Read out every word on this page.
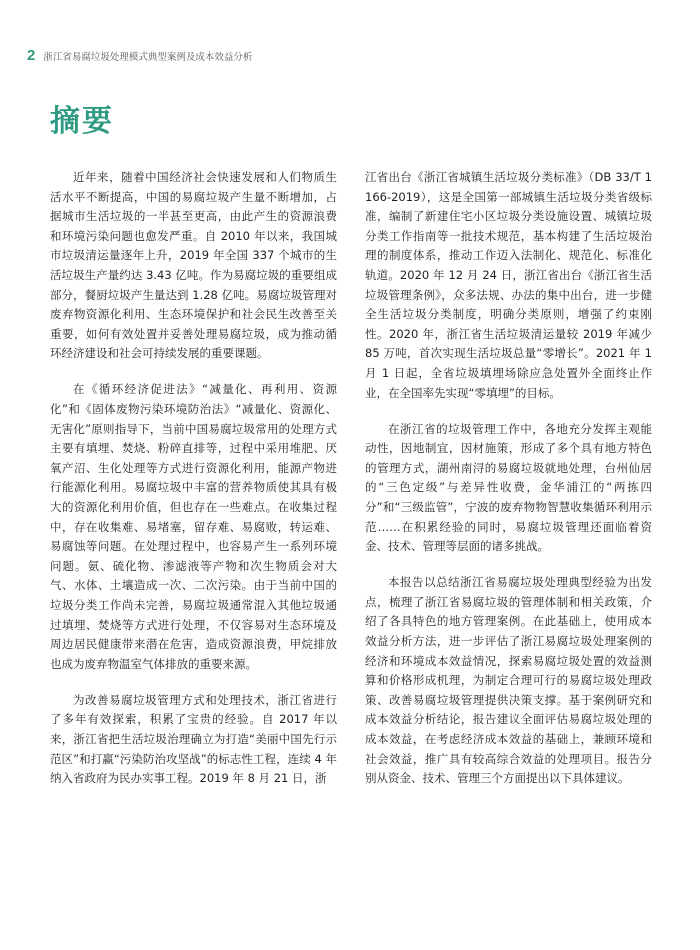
2 浙江省易腐垃圾处理模式典型案例及成本效益分析
摘要

近年来，随着中国经济社会快速发展和人们物质生活水平不断提高，中国的易腐垃圾产生量不断增加，占据城市生活垃圾的一半甚至更高，由此产生的资源浪费和环境污染问题也愈发严重。自 2010 年以来，我国城市垃圾清运量逐年上升，2019 年全国 337 个城市的生活垃圾生产量约达 3.43 亿吨。作为易腐垃圾的重要组成部分，餐厨垃圾产生量达到 1.28 亿吨。易腐垃圾管理对废弃物资源化利用、生态环境保护和社会民生改善至关重要，如何有效处置并妥善处理易腐垃圾，成为推动循环经济建设和社会可持续发展的重要课题。

在《循环经济促进法》“减量化、再利用、资源化”和《固体废物污染环境防治法》“减量化、资源化、无害化”原则指导下，当前中国易腐垃圾常用的处理方式主要有填埋、焚烧、粉碎直排等，过程中采用堆肥、厌氧产沼、生化处理等方式进行资源化利用，能源产物进行能源化利用。易腐垃圾中丰富的营养物质使其具有极大的资源化利用价值，但也存在一些难点。在收集过程中，存在收集难、易堵塞，留存难、易腐败，转运难、易腐蚀等问题。在处理过程中，也容易产生一系列环境问题。氨、硫化物、渗滤液等产物和次生物质会对大气、水体、土壤造成一次、二次污染。由于当前中国的垃圾分类工作尚未完善，易腐垃圾通常混入其他垃圾通过填埋、焚烧等方式进行处理，不仅容易对生态环境及周边居民健康带来潜在危害，造成资源浪费，甲烷排放也成为废弃物温室气体排放的重要来源。

为改善易腐垃圾管理方式和处理技术，浙江省进行了多年有效探索，积累了宝贵的经验。自 2017 年以来，浙江省把生活垃圾治理确立为打造“美丽中国先行示范区”和打赢“污染防治攻坚战”的标志性工程，连续 4 年纳入省政府为民办实事工程。2019 年 8 月 21 日，浙

江省出台《浙江省城镇生活垃圾分类标准》（DB 33/T 1166-2019），这是全国第一部城镇生活垃圾分类省级标准，编制了新建住宅小区垃圾分类设施设置、城镇垃圾分类工作指南等一批技术规范，基本构建了生活垃圾治理的制度体系，推动工作迈入法制化、规范化、标准化轨道。2020 年 12 月 24 日，浙江省出台《浙江省生活垃圾管理条例》，众多法规、办法的集中出台，进一步健全生活垃圾分类制度，明确分类原则，增强了约束刚性。2020 年，浙江省生活垃圾清运量较 2019 年减少 85 万吨，首次实现生活垃圾总量“零增长”。2021 年 1 月 1 日起，全省垃圾填埋场除应急处置外全面终止作业，在全国率先实现“零填埋”的目标。

在浙江省的垃圾管理工作中，各地充分发挥主观能动性，因地制宜，因材施策，形成了多个具有地方特色的管理方式，湖州南浔的易腐垃圾就地处理，台州仙居的“三色定级”与差异性收费，金华浦江的“两拣四分”和“三级监管”，宁波的废弃物物智慧收集循环利用示范……在积累经验的同时，易腐垃圾管理还面临着资金、技术、管理等层面的诸多挑战。

本报告以总结浙江省易腐垃圾处理典型经验为出发点，梳理了浙江省易腐垃圾的管理体制和相关政策，介绍了各具特色的地方管理案例。在此基础上，使用成本效益分析方法，进一步评估了浙江易腐垃圾处理案例的经济和环境成本效益情况，探索易腐垃圾处置的效益测算和价格形成机理，为制定合理可行的易腐垃圾处理政策、改善易腐垃圾管理提供决策支撑。基于案例研究和成本效益分析结论，报告建议全面评估易腐垃圾处理的成本效益，在考虑经济成本效益的基础上，兼顾环境和社会效益，推广具有较高综合效益的处理项目。报告分别从资金、技术、管理三个方面提出以下具体建议。
